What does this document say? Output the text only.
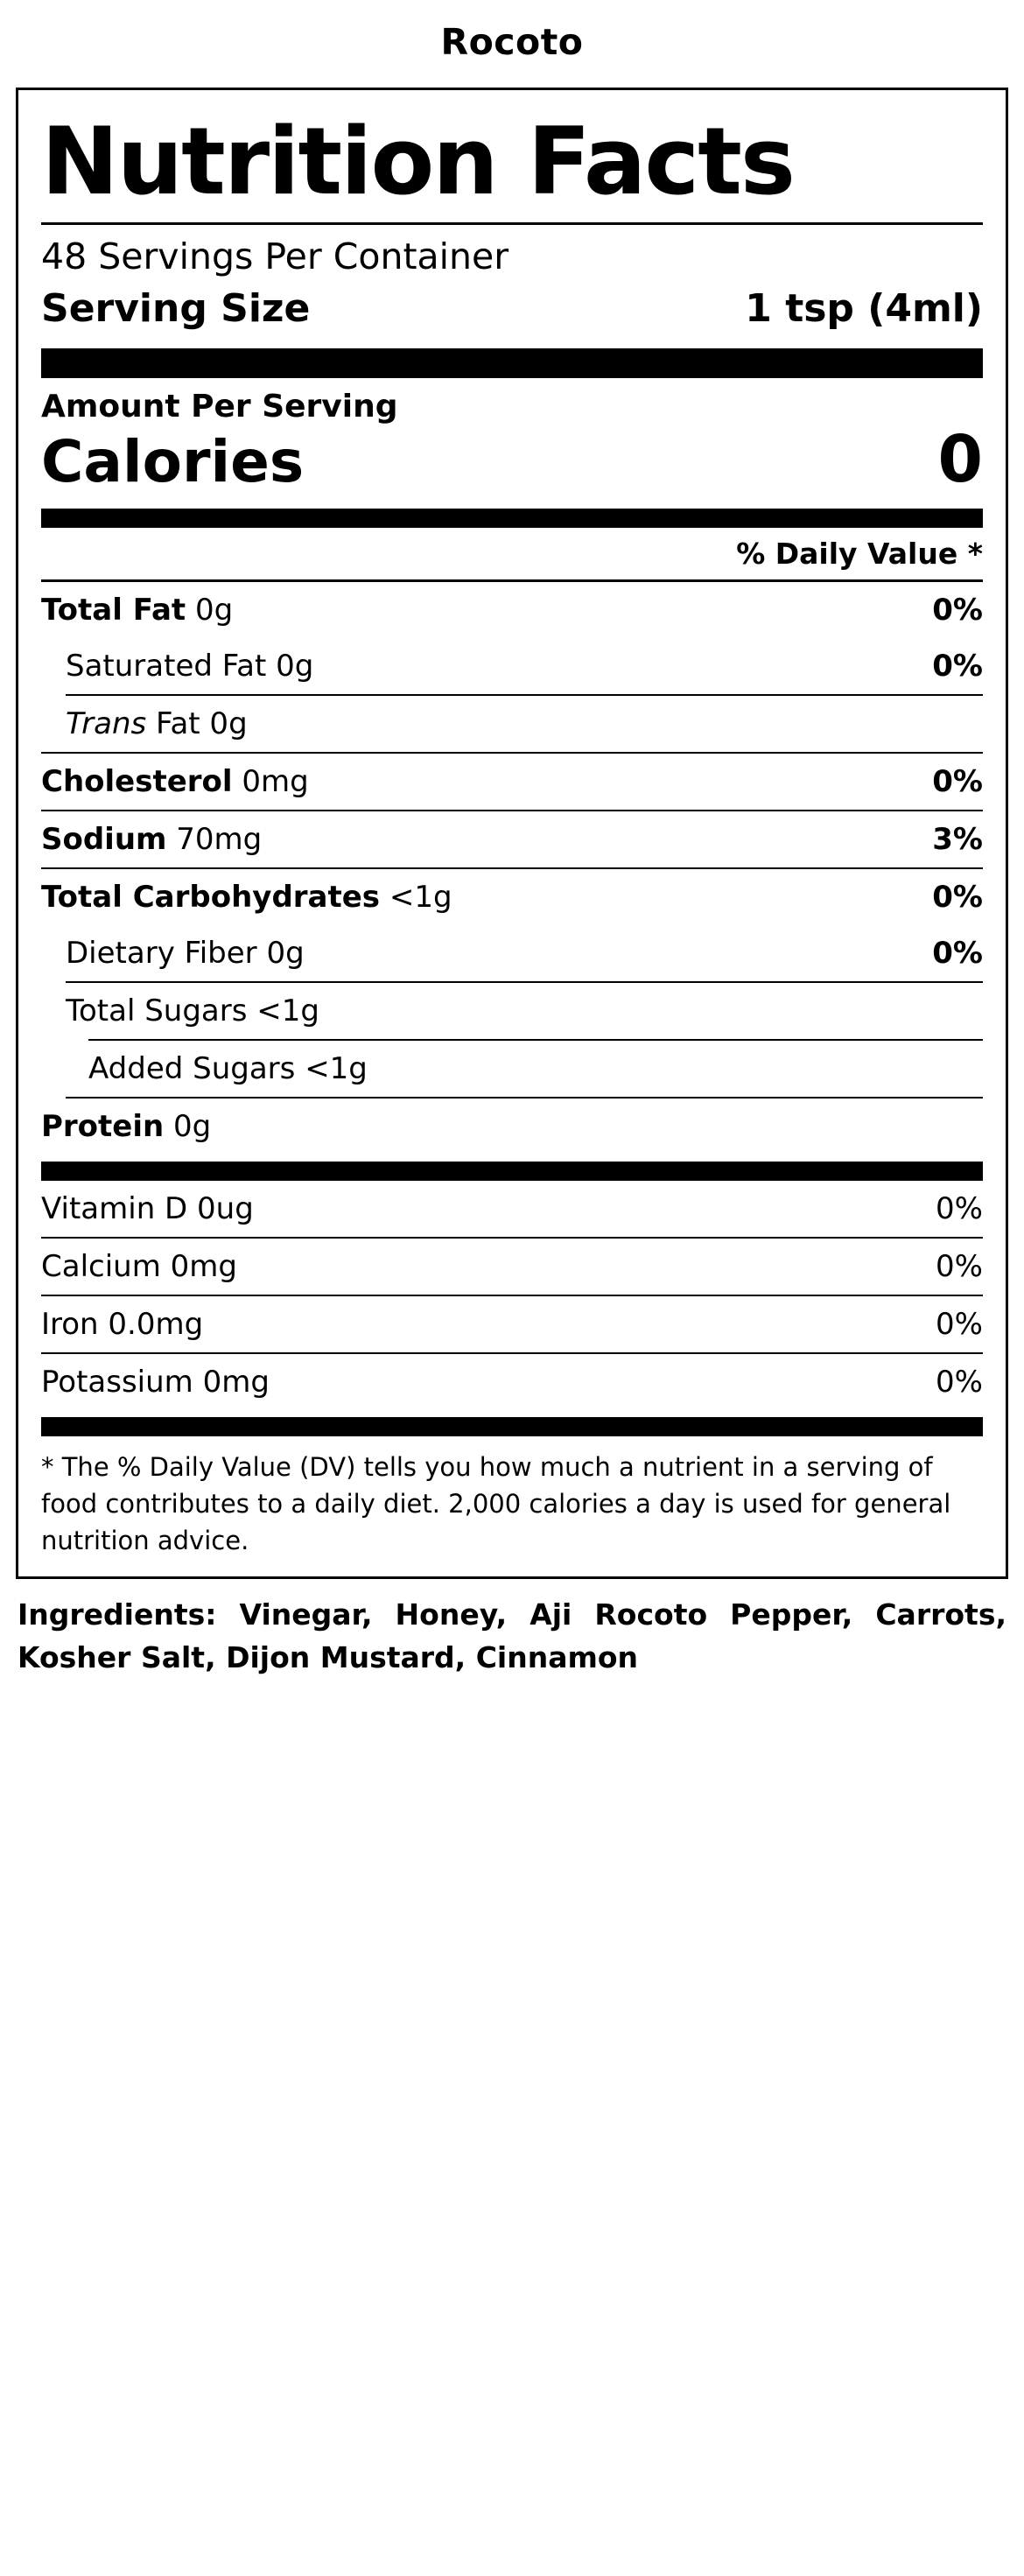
Rocoto
Nutrition Facts
48 Servings Per Container
Serving Size	1 tsp (4ml)
Amount Per Serving
Calories	0
% Daily Value *
Total Fat 0g	0%
Saturated Fat 0g	0%
Trans Fat 0g
Cholesterol 0mg	0%
Sodium 70mg	3%
Total Carbohydrates <1g	0%
Dietary Fiber 0g	0%
Total Sugars <1g
Added Sugars <1g
Protein 0g
Vitamin D 0ug	0%
Calcium 0mg	0%
Iron 0.0mg	0%
Potassium 0mg	0%
* The % Daily Value (DV) tells you how much a nutrient in a serving of food contributes to a daily diet. 2,000 calories a day is used for general nutrition advice.
Ingredients: Vinegar, Honey, Aji Rocoto Pepper, Carrots, Kosher Salt, Dijon Mustard, Cinnamon
